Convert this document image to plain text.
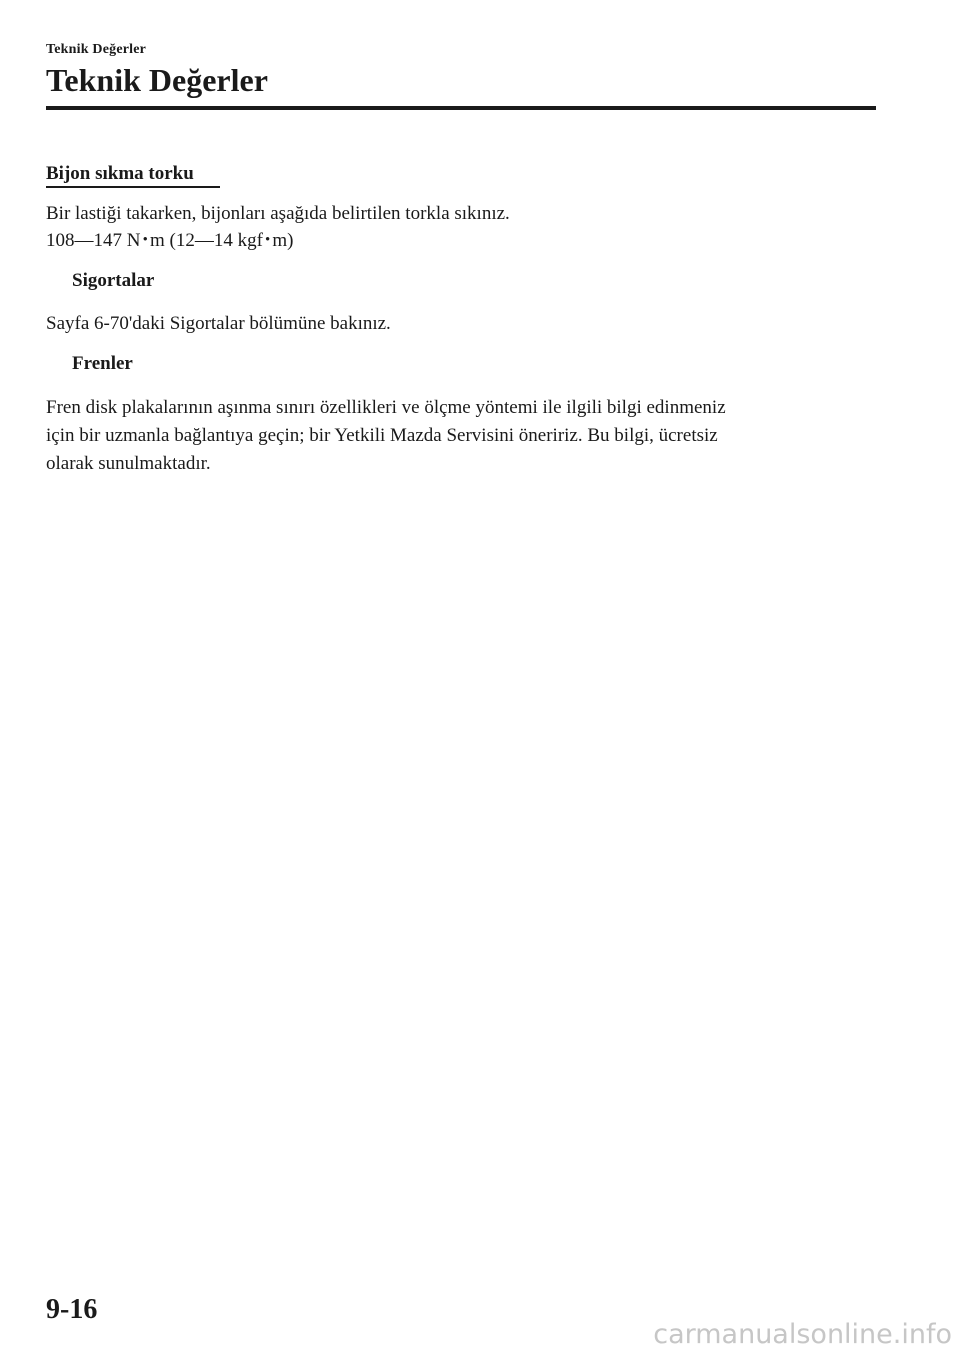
Teknik Değerler
Teknik Değerler
Bijon sıkma torku
Bir lastiği takarken, bijonları aşağıda belirtilen torkla sıkınız.
108―147 N･m (12―14 kgf･m)
Sigortalar
Sayfa 6-70'daki Sigortalar bölümüne bakınız.
Frenler
Fren disk plakalarının aşınma sınırı özellikleri ve ölçme yöntemi ile ilgili bilgi edinmeniz
için bir uzmanla bağlantıya geçin; bir Yetkili Mazda Servisini öneririz. Bu bilgi, ücretsiz
olarak sunulmaktadır.
9-16
carmanualsonline.info
